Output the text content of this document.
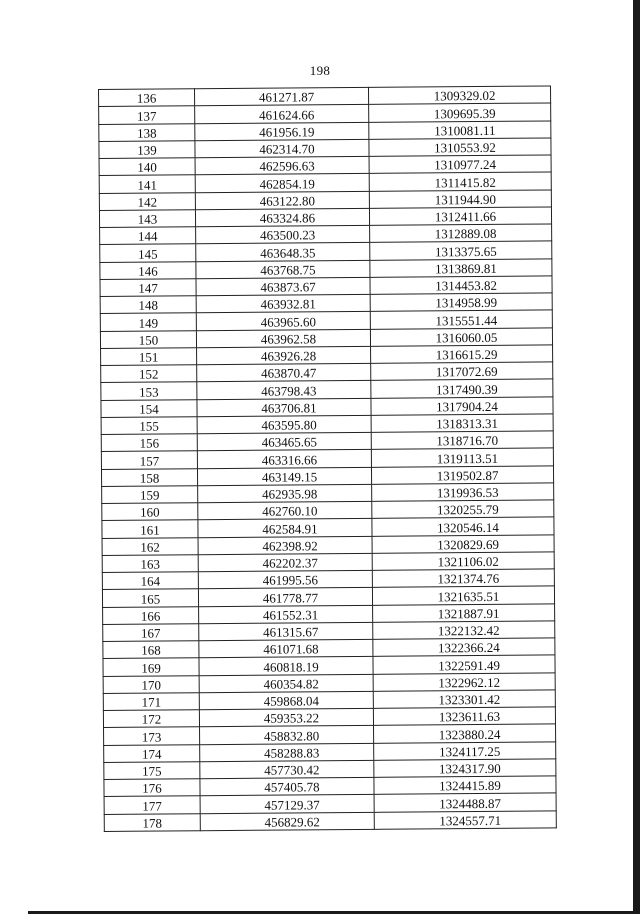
198
136	461271.87	1309329.02
137	461624.66	1309695.39
138	461956.19	1310081.11
139	462314.70	1310553.92
140	462596.63	1310977.24
141	462854.19	1311415.82
142	463122.80	1311944.90
143	463324.86	1312411.66
144	463500.23	1312889.08
145	463648.35	1313375.65
146	463768.75	1313869.81
147	463873.67	1314453.82
148	463932.81	1314958.99
149	463965.60	1315551.44
150	463962.58	1316060.05
151	463926.28	1316615.29
152	463870.47	1317072.69
153	463798.43	1317490.39
154	463706.81	1317904.24
155	463595.80	1318313.31
156	463465.65	1318716.70
157	463316.66	1319113.51
158	463149.15	1319502.87
159	462935.98	1319936.53
160	462760.10	1320255.79
161	462584.91	1320546.14
162	462398.92	1320829.69
163	462202.37	1321106.02
164	461995.56	1321374.76
165	461778.77	1321635.51
166	461552.31	1321887.91
167	461315.67	1322132.42
168	461071.68	1322366.24
169	460818.19	1322591.49
170	460354.82	1322962.12
171	459868.04	1323301.42
172	459353.22	1323611.63
173	458832.80	1323880.24
174	458288.83	1324117.25
175	457730.42	1324317.90
176	457405.78	1324415.89
177	457129.37	1324488.87
178	456829.62	1324557.71
